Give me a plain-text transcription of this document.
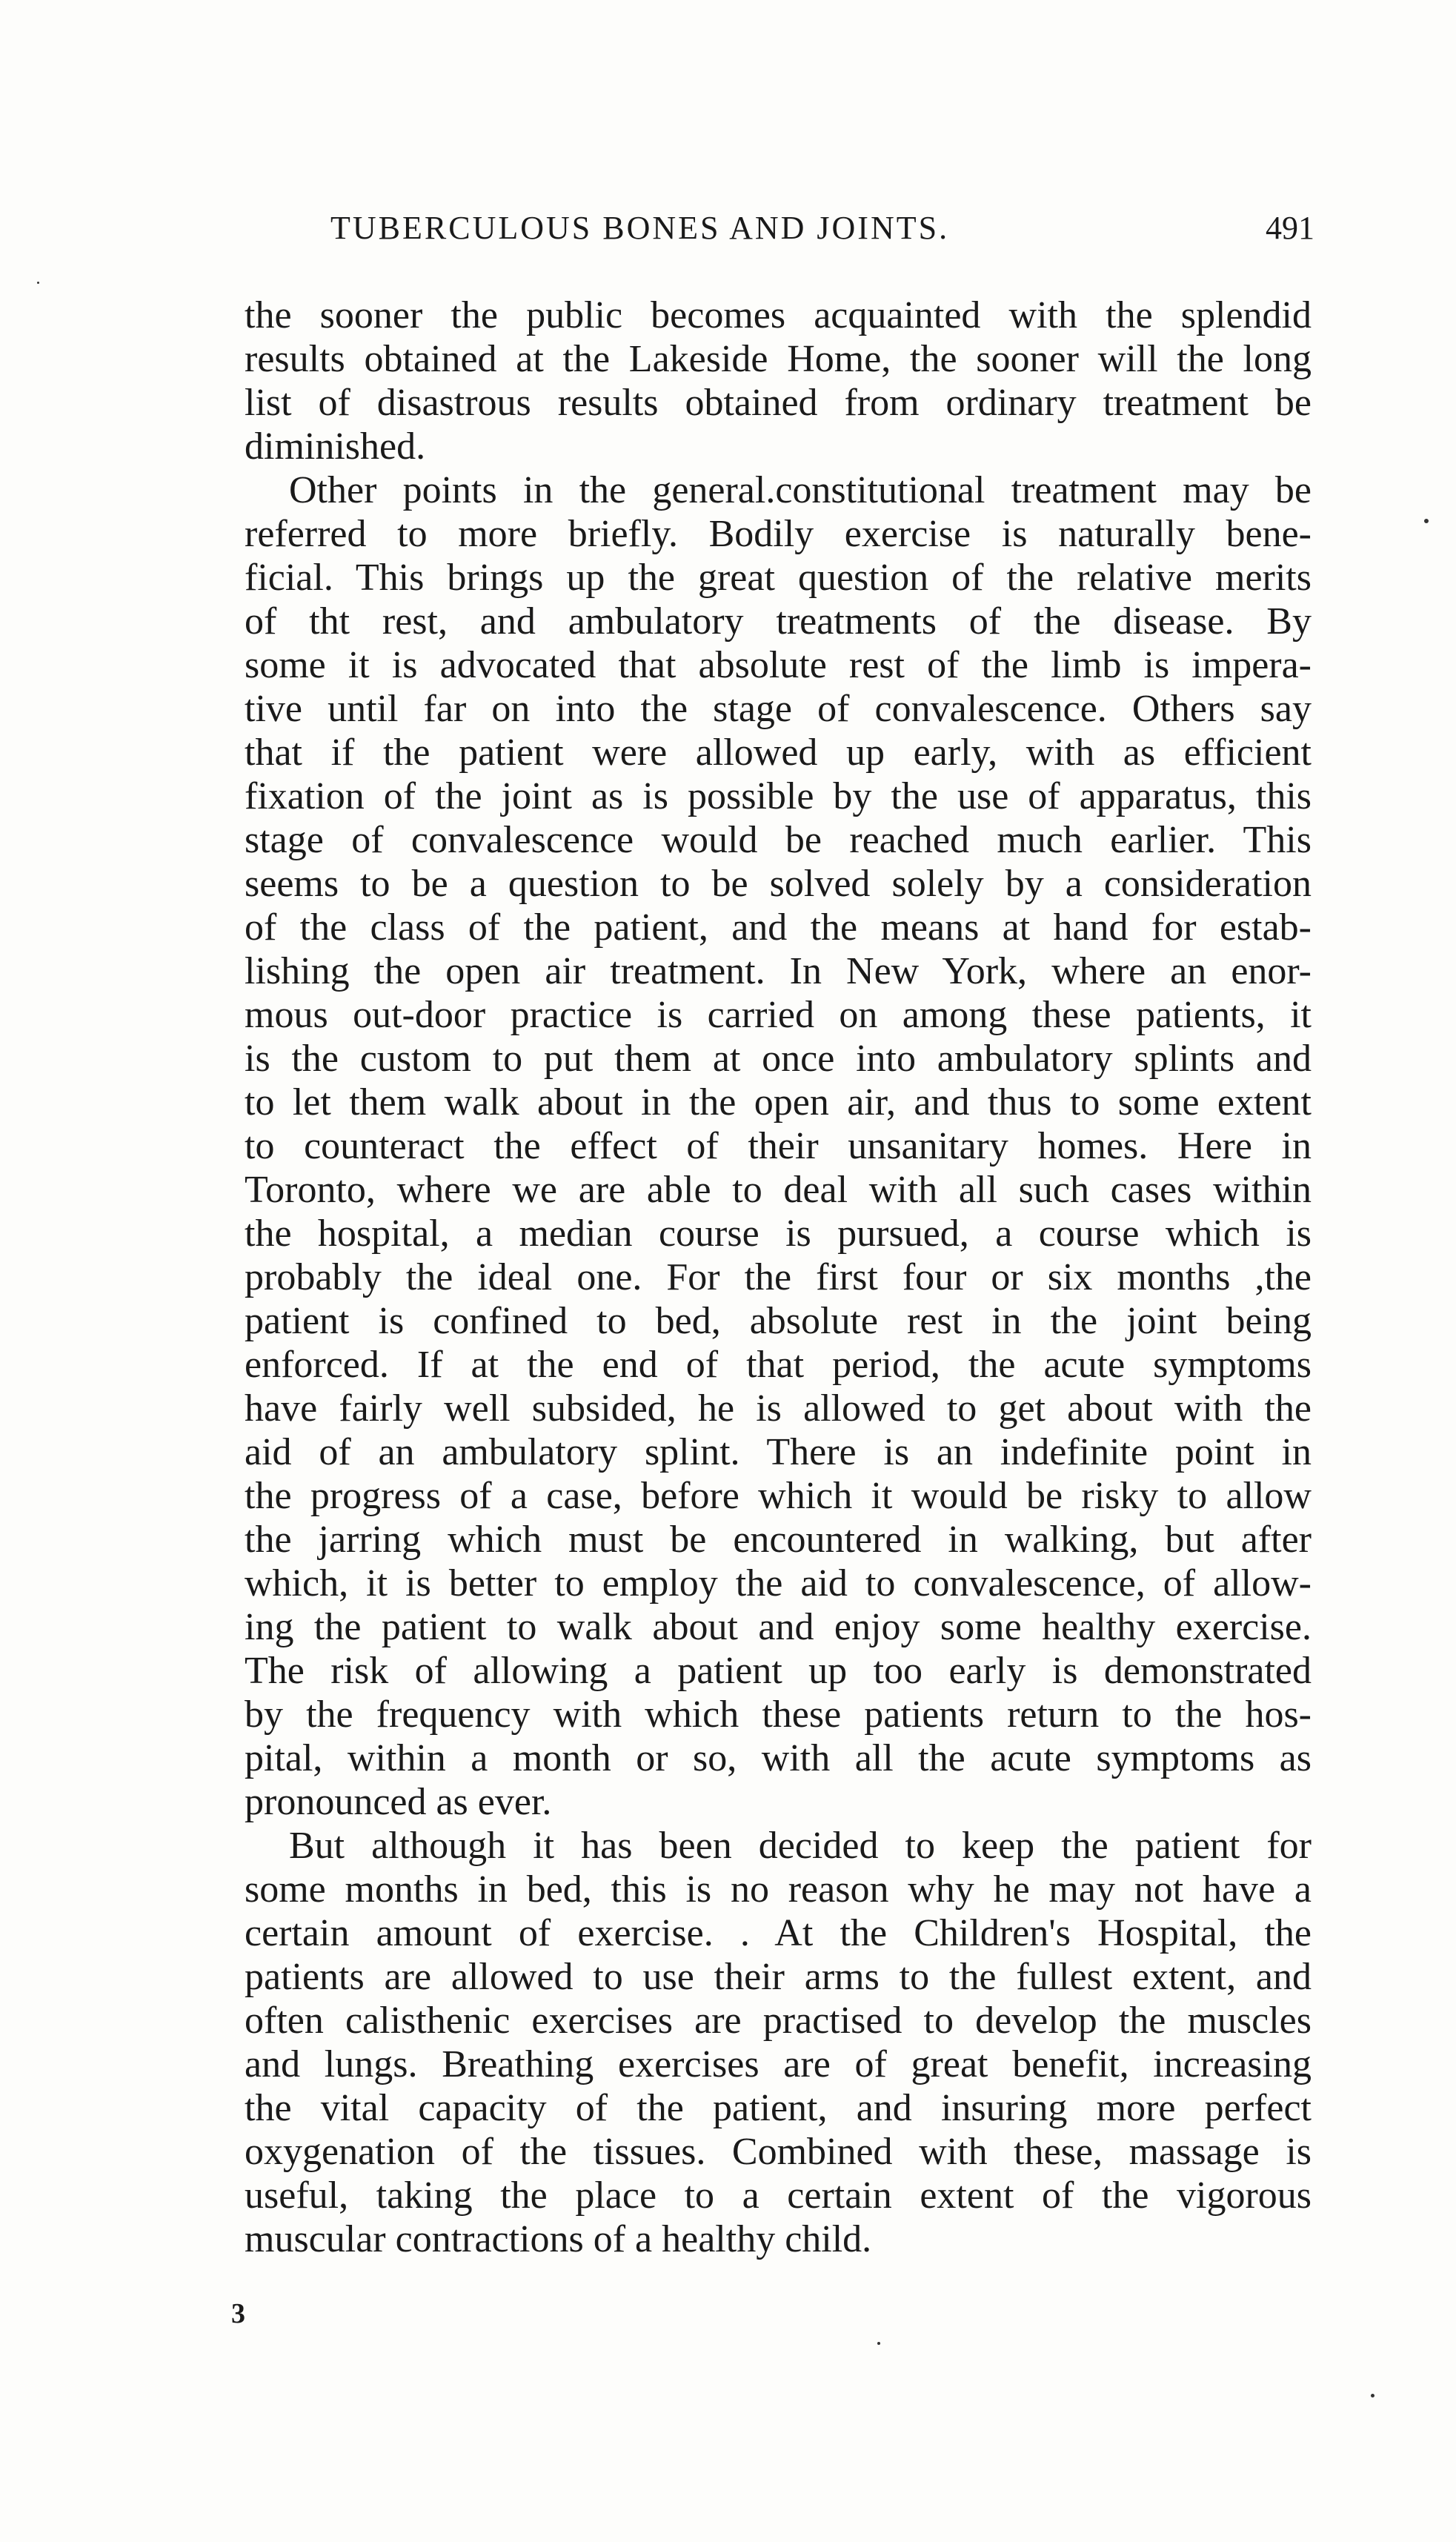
TUBERCULOUS BONES AND JOINTS.	491
the sooner the public becomes acquainted with the splendid
results obtained at the Lakeside Home, the sooner will the long
list of disastrous results obtained from ordinary treatment be
diminished.
Other points in the general.constitutional treatment may be
referred to more briefly. Bodily exercise is naturally bene-
ficial. This brings up the great question of the relative merits
of tht rest, and ambulatory treatments of the disease. By
some it is advocated that absolute rest of the limb is impera-
tive until far on into the stage of convalescence. Others say
that if the patient were allowed up early, with as efficient
fixation of the joint as is possible by the use of apparatus, this
stage of convalescence would be reached much earlier. This
seems to be a question to be solved solely by a consideration
of the class of the patient, and the means at hand for estab-
lishing the open air treatment. In New York, where an enor-
mous out-door practice is carried on among these patients, it
is the custom to put them at once into ambulatory splints and
to let them walk about in the open air, and thus to some extent
to counteract the effect of their unsanitary homes. Here in
Toronto, where we are able to deal with all such cases within
the hospital, a median course is pursued, a course which is
probably the ideal one. For the first four or six months ,the
patient is confined to bed, absolute rest in the joint being
enforced. If at the end of that period, the acute symptoms
have fairly well subsided, he is allowed to get about with the
aid of an ambulatory splint. There is an indefinite point in
the progress of a case, before which it would be risky to allow
the jarring which must be encountered in walking, but after
which, it is better to employ the aid to convalescence, of allow-
ing the patient to walk about and enjoy some healthy exercise.
The risk of allowing a patient up too early is demonstrated
by the frequency with which these patients return to the hos-
pital, within a month or so, with all the acute symptoms as
pronounced as ever.
But although it has been decided to keep the patient for
some months in bed, this is no reason why he may not have a
certain amount of exercise. . At the Children's Hospital, the
patients are allowed to use their arms to the fullest extent, and
often calisthenic exercises are practised to develop the muscles
and lungs. Breathing exercises are of great benefit, increasing
the vital capacity of the patient, and insuring more perfect
oxygenation of the tissues. Combined with these, massage is
useful, taking the place to a certain extent of the vigorous
muscular contractions of a healthy child.
3
